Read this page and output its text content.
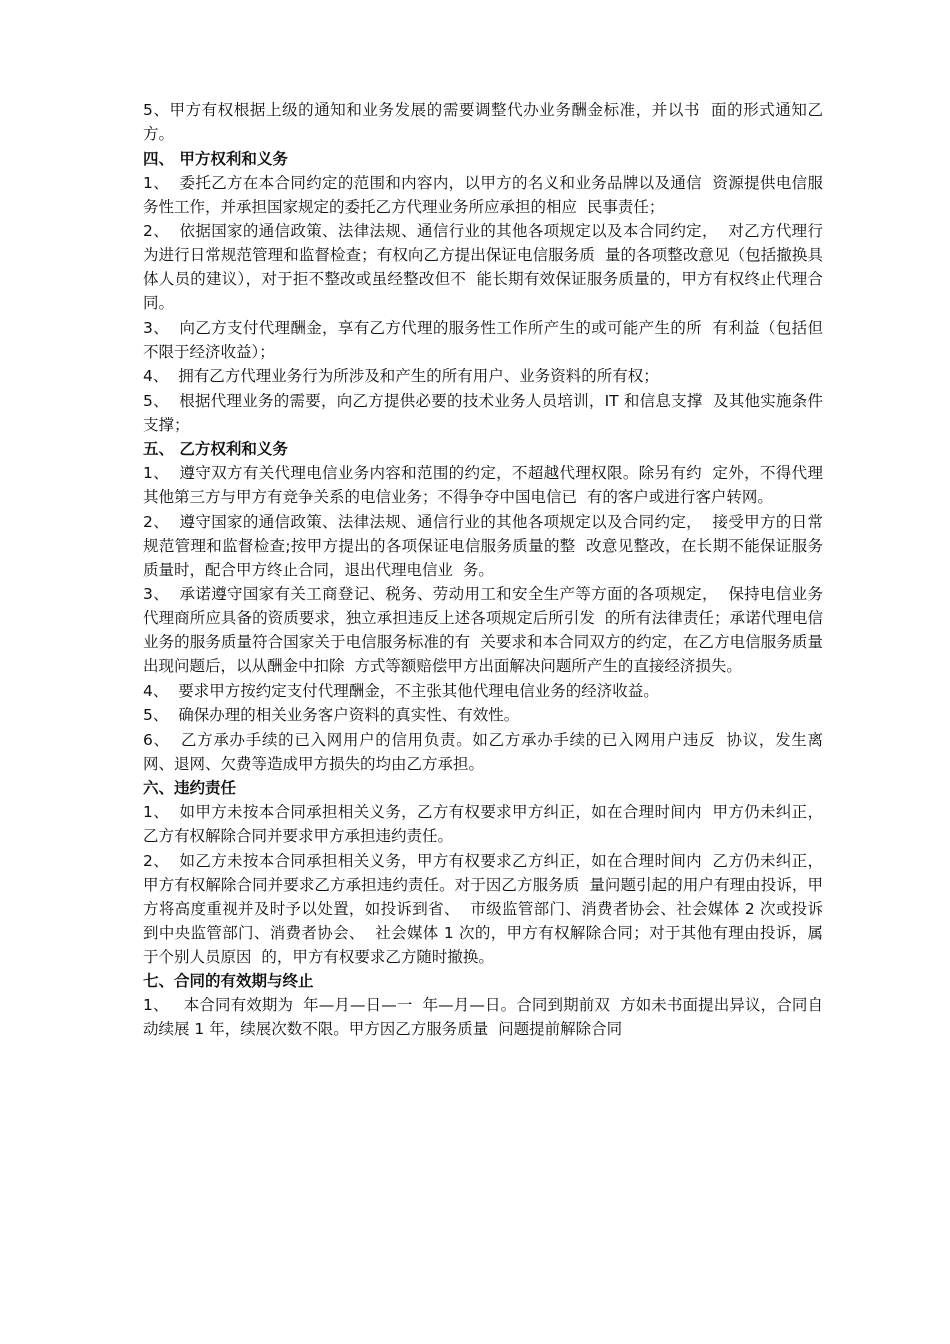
5、甲方有权根据上级的通知和业务发展的需要调整代办业务酬金标准，并以书  面的形式通知乙方。

四、 甲方权利和义务

1、  委托乙方在本合同约定的范围和内容内，以甲方的名义和业务品牌以及通信  资源提供电信服务性工作，并承担国家规定的委托乙方代理业务所应承担的相应  民事责任；

2、  依据国家的通信政策、法律法规、通信行业的其他各项规定以及本合同约定，  对乙方代理行为进行日常规范管理和监督检查；有权向乙方提出保证电信服务质  量的各项整改意见（包括撤换具体人员的建议），对于拒不整改或虽经整改但不  能长期有效保证服务质量的，甲方有权终止代理合同。

3、  向乙方支付代理酬金，享有乙方代理的服务性工作所产生的或可能产生的所  有利益（包括但不限于经济收益）；

4、  拥有乙方代理业务行为所涉及和产生的所有用户、业务资料的所有权；

5、  根据代理业务的需要，向乙方提供必要的技术业务人员培训，IT 和信息支撑  及其他实施条件支撑；

五、 乙方权利和义务

1、  遵守双方有关代理电信业务内容和范围的约定，不超越代理权限。除另有约  定外，不得代理其他第三方与甲方有竞争关系的电信业务；不得争夺中国电信已  有的客户或进行客户转网。

2、  遵守国家的通信政策、法律法规、通信行业的其他各项规定以及合同约定，  接受甲方的日常规范管理和监督检查;按甲方提出的各项保证电信服务质量的整  改意见整改，在长期不能保证服务质量时，配合甲方终止合同，退出代理电信业  务。

3、  承诺遵守国家有关工商登记、税务、劳动用工和安全生产等方面的各项规定，  保持电信业务代理商所应具备的资质要求，独立承担违反上述各项规定后所引发  的所有法律责任；承诺代理电信业务的服务质量符合国家关于电信服务标准的有  关要求和本合同双方的约定，在乙方电信服务质量出现问题后，以从酬金中扣除  方式等额赔偿甲方出面解决问题所产生的直接经济损失。

4、  要求甲方按约定支付代理酬金，不主张其他代理电信业务的经济收益。

5、  确保办理的相关业务客户资料的真实性、有效性。

6、  乙方承办手续的已入网用户的信用负责。如乙方承办手续的已入网用户违反  协议，发生离网、退网、欠费等造成甲方损失的均由乙方承担。

六、违约责任

1、  如甲方未按本合同承担相关义务，乙方有权要求甲方纠正，如在合理时间内  甲方仍未纠正，乙方有权解除合同并要求甲方承担违约责任。

2、  如乙方未按本合同承担相关义务，甲方有权要求乙方纠正，如在合理时间内  乙方仍未纠正，甲方有权解除合同并要求乙方承担违约责任。对于因乙方服务质  量问题引起的用户有理由投诉，甲方将高度重视并及时予以处置，如投诉到省、  市级监管部门、消费者协会、社会媒体 2 次或投诉到中央监管部门、消费者协会、  社会媒体 1 次的，甲方有权解除合同；对于其他有理由投诉，属于个别人员原因  的，甲方有权要求乙方随时撤换。

七、合同的有效期与终止

1、   本合同有效期为  年—月—日—一  年—月—日。合同到期前双  方如未书面提出异议，合同自动续展 1 年，续展次数不限。甲方因乙方服务质量  问题提前解除合同
